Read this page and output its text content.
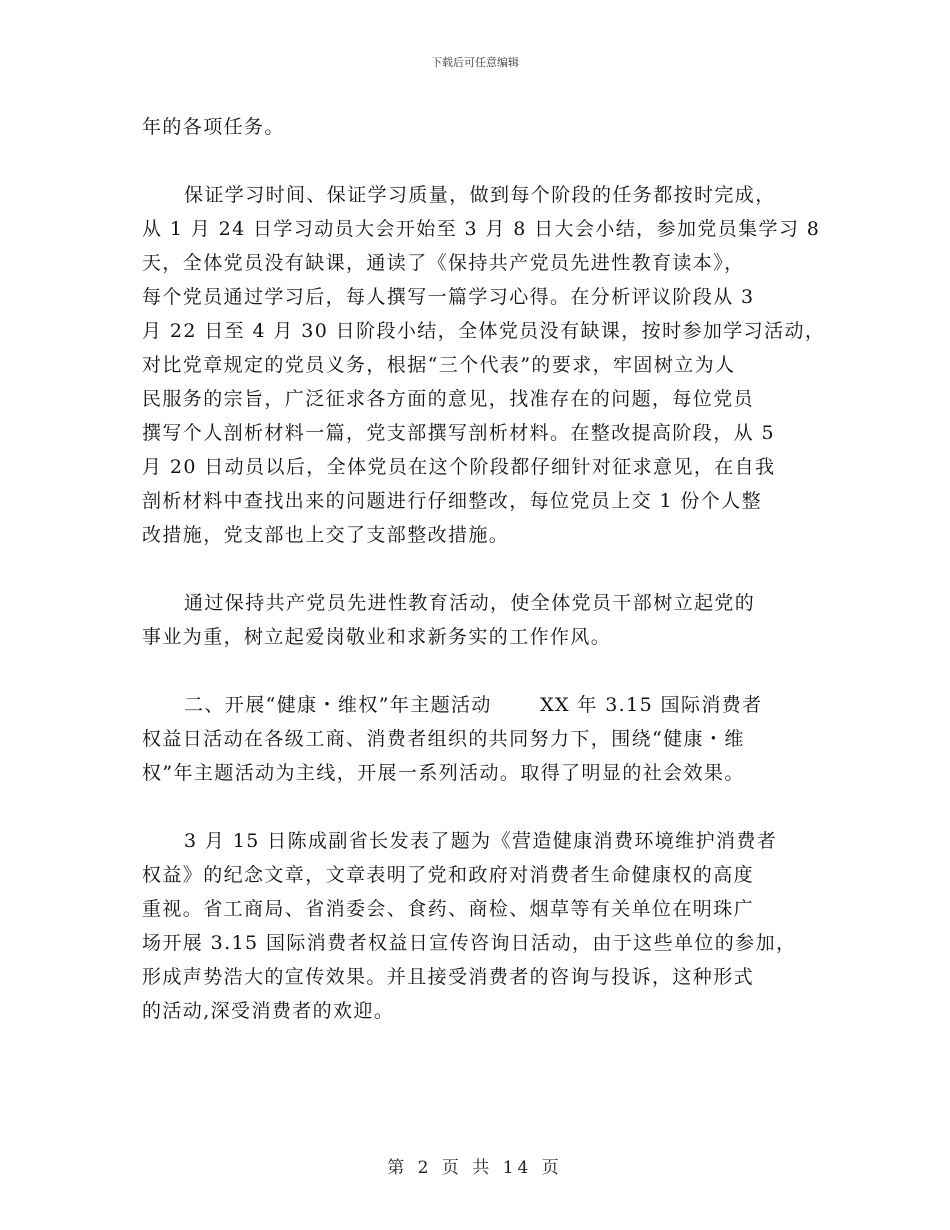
下载后可任意编辑
年的各项任务。
保证学习时间、保证学习质量，做到每个阶段的任务都按时完成，
从 1 月 24 日学习动员大会开始至 3 月 8 日大会小结，参加党员集学习 8
天，全体党员没有缺课，通读了《保持共产党员先进性教育读本》，
每个党员通过学习后，每人撰写一篇学习心得。在分析评议阶段从 3
月 22 日至 4 月 30 日阶段小结，全体党员没有缺课，按时参加学习活动，
对比党章规定的党员义务，根据“三个代表”的要求，牢固树立为人
民服务的宗旨，广泛征求各方面的意见，找准存在的问题，每位党员
撰写个人剖析材料一篇，党支部撰写剖析材料。在整改提高阶段，从 5
月 20 日动员以后，全体党员在这个阶段都仔细针对征求意见，在自我
剖析材料中查找出来的问题进行仔细整改，每位党员上交 1 份个人整
改措施，党支部也上交了支部整改措施。
通过保持共产党员先进性教育活动，使全体党员干部树立起党的
事业为重，树立起爱岗敬业和求新务实的工作作风。
二、开展“健康・维权”年主题活动　　 XX 年 3.15 国际消费者
权益日活动在各级工商、消费者组织的共同努力下，围绕“健康・维
权”年主题活动为主线，开展一系列活动。取得了明显的社会效果。
3 月 15 日陈成副省长发表了题为《营造健康消费环境维护消费者
权益》的纪念文章，文章表明了党和政府对消费者生命健康权的高度
重视。省工商局、省消委会、食药、商检、烟草等有关单位在明珠广
场开展 3.15 国际消费者权益日宣传咨询日活动，由于这些单位的参加，
形成声势浩大的宣传效果。并且接受消费者的咨询与投诉，这种形式
的活动,深受消费者的欢迎。
第 2 页 共 14 页
